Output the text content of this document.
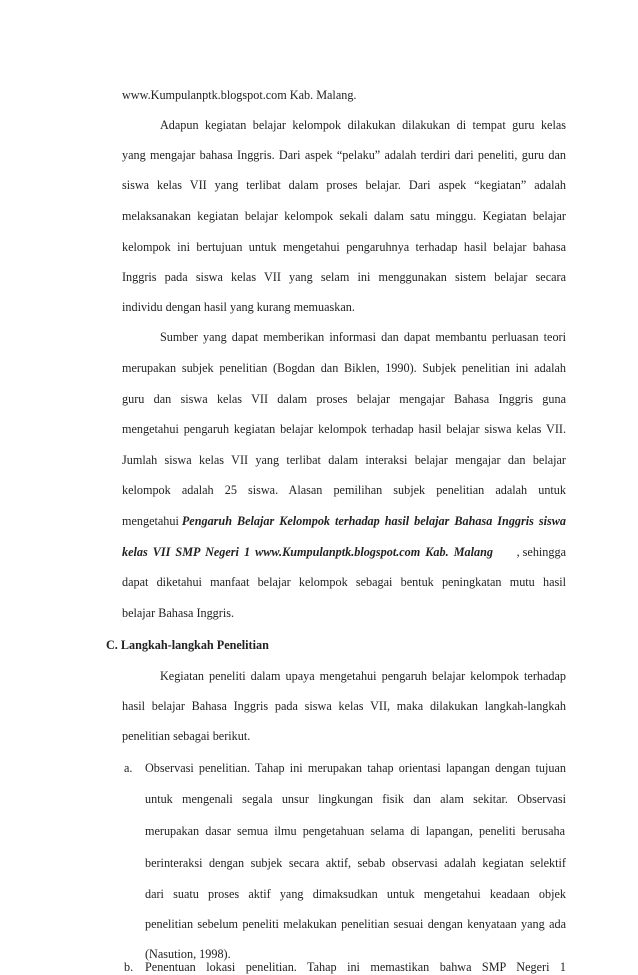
www.Kumpulanptk.blogspot.com Kab. Malang.
Adapun kegiatan belajar kelompok dilakukan dilakukan di tempat guru kelas
yang mengajar bahasa Inggris. Dari aspek “pelaku” adalah terdiri dari peneliti, guru dan
siswa kelas VII yang terlibat dalam proses belajar. Dari aspek “kegiatan” adalah
melaksanakan kegiatan belajar kelompok sekali dalam satu minggu. Kegiatan belajar
kelompok ini bertujuan untuk mengetahui pengaruhnya terhadap hasil belajar bahasa
Inggris pada siswa kelas VII yang selam ini menggunakan sistem belajar secara
individu dengan hasil yang kurang memuaskan.
Sumber yang dapat memberikan informasi dan dapat membantu perluasan teori
merupakan subjek penelitian (Bogdan dan Biklen, 1990). Subjek penelitian ini adalah
guru dan siswa kelas VII dalam proses belajar mengajar Bahasa Inggris guna
mengetahui pengaruh kegiatan belajar kelompok terhadap hasil belajar siswa kelas VII.
Jumlah siswa kelas VII yang terlibat dalam interaksi belajar mengajar dan belajar
kelompok adalah 25 siswa. Alasan pemilihan subjek penelitian adalah untuk
mengetahui Pengaruh Belajar Kelompok terhadap hasil belajar Bahasa Inggris siswa
kelas VII SMP Negeri 1 www.Kumpulanptk.blogspot.com Kab. Malang	, sehingga
dapat diketahui manfaat belajar kelompok sebagai bentuk peningkatan mutu hasil
belajar Bahasa Inggris.
C. Langkah-langkah Penelitian
Kegiatan peneliti dalam upaya mengetahui pengaruh belajar kelompok terhadap
hasil belajar Bahasa Inggris pada siswa kelas VII, maka dilakukan langkah-langkah
penelitian sebagai berikut.
a. Observasi penelitian. Tahap ini merupakan tahap orientasi lapangan dengan tujuan
untuk mengenali segala unsur lingkungan fisik dan alam sekitar. Observasi
merupakan dasar semua ilmu pengetahuan selama di lapangan, peneliti berusaha
berinteraksi dengan subjek secara aktif, sebab observasi adalah kegiatan selektif
dari suatu proses aktif yang dimaksudkan untuk mengetahui keadaan objek
penelitian sebelum peneliti melakukan penelitian sesuai dengan kenyataan yang ada
(Nasution, 1998).
b. Penentuan lokasi penelitian. Tahap ini memastikan bahwa SMP Negeri 1
